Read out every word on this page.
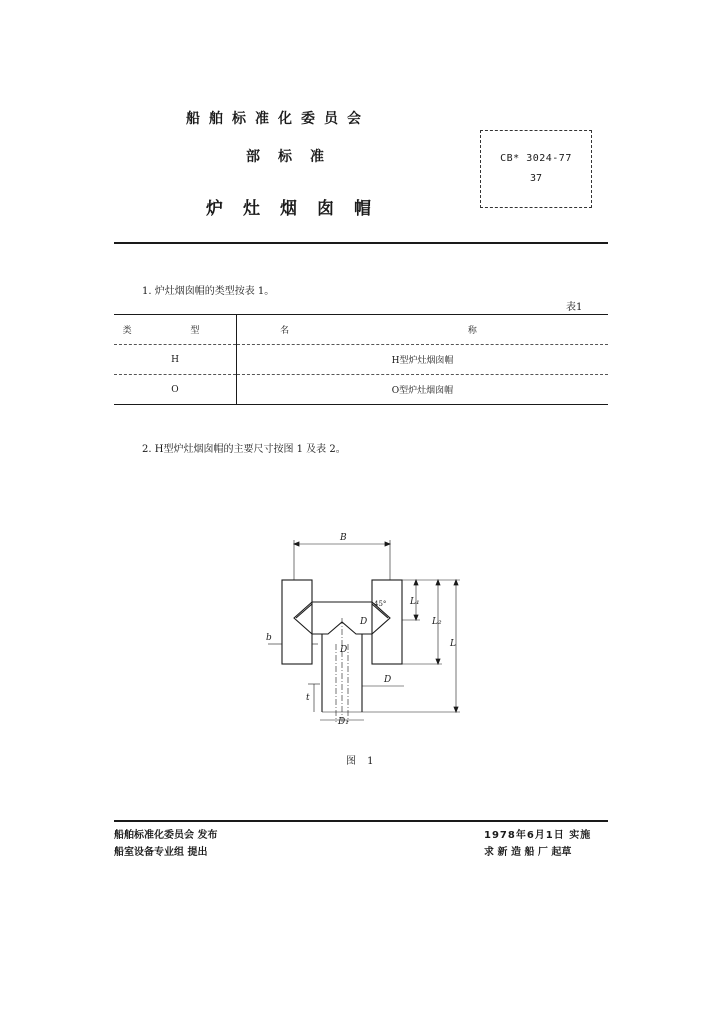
船舶标准化委员会
部标准
炉灶烟囱帽
CB* 3024-77
37
1. 炉灶烟囱帽的类型按表 1。
表1
类 型	名 称
H	H型炉灶烟囱帽
O	O型炉灶烟囱帽
2. H型炉灶烟囱帽的主要尺寸按图 1 及表 2。
B
L₁
L₂
L
b
D
D
D
D₁
t
45°
图 1
船舶标准化委员会 发布
船室设备专业组 提出
1978年6月1日 实施
求 新 造 船 厂 起草
